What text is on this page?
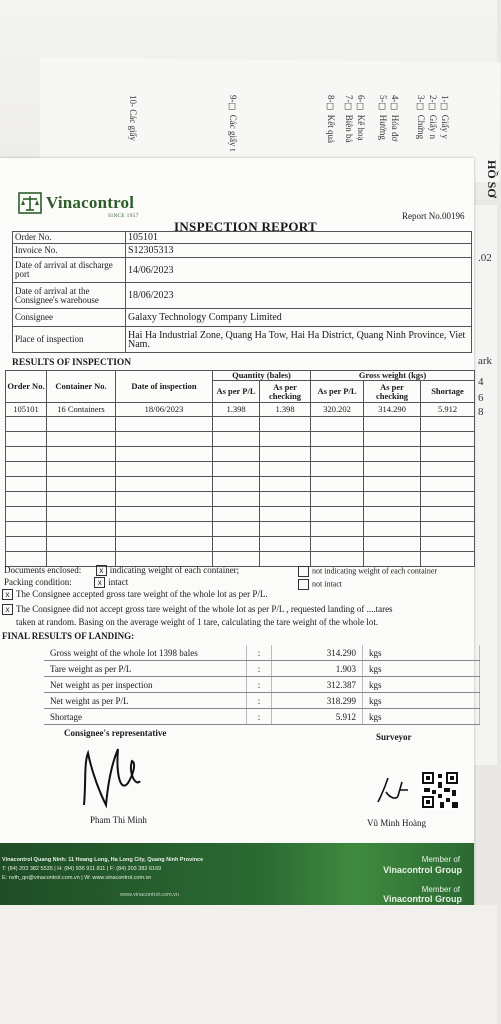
1-☐ Giấy y
2-☐ Giấy n
3-☐ Chứng
4-☐ Hóa đơ
5-☐ Hướng
6-☐ Kế hoạ
7-☐ Biên bả
8-☐ Kết quả
9-☐ Các giấy t
10- Các giấy
HỒ SƠ
.02
ark
4
6
8
Vinacontrol
SINCE 1957
INSPECTION REPORT
Report No.00196
Order No.	105101
Invoice No.	S12305313
Date of arrival at discharge port	14/06/2023
Date of arrival at the Consignee's warehouse	18/06/2023
Consignee	Galaxy Technology Company Limited
Place of inspection	Hai Ha Industrial Zone, Quang Ha Tow, Hai Ha District, Quang Ninh Province, Viet Nam.
RESULTS OF INSPECTION
Order No.	Container No.	Date of inspection	Quantity (bales)		Gross weight (kgs)		
			As per P/L	As per checking	As per P/L	As per checking	Shortage
105101	16 Containers	18/06/2023	1.398	1.398	320.202	314.290	5.912

Documents enclosed: x indicating weight of each container;	not indicating weight of each container
Packing condition:	x intact	not intact
x The Consignee accepted gross tare weight of the whole lot as per P/L.
x The Consignee did not accept gross tare weight of the whole lot as per P/L , requested landing of ....tares
taken at random. Basing on the average weight of 1 tare, calculating the tare weight of the whole lot.
FINAL RESULTS OF LANDING:
Gross weight of the whole lot 1398 bales	:	314.290	kgs
Tare weight as per P/L	:	1.903	kgs
Net weight as per inspection	:	312.387	kgs
Net weight as per P/L	:	318.299	kgs
Shortage	:	5.912	kgs
Consignee's representative	Surveyor
Pham Thi Minh	Vũ Minh Hoàng
Vinacontrol Quang Ninh: 11 Hoang Long, Ha Long City, Quang Ninh Province
T: (84) 203 382 5535 | H: (84) 936 911 811 | F: (84) 203 382 6169
E: nvth_qn@vinacontrol.com.vn | W: www.vinacontrol.com.vn
www.vinacontrol.com.vn
Member of
Vinacontrol Group
Member of
Vinacontrol Group
